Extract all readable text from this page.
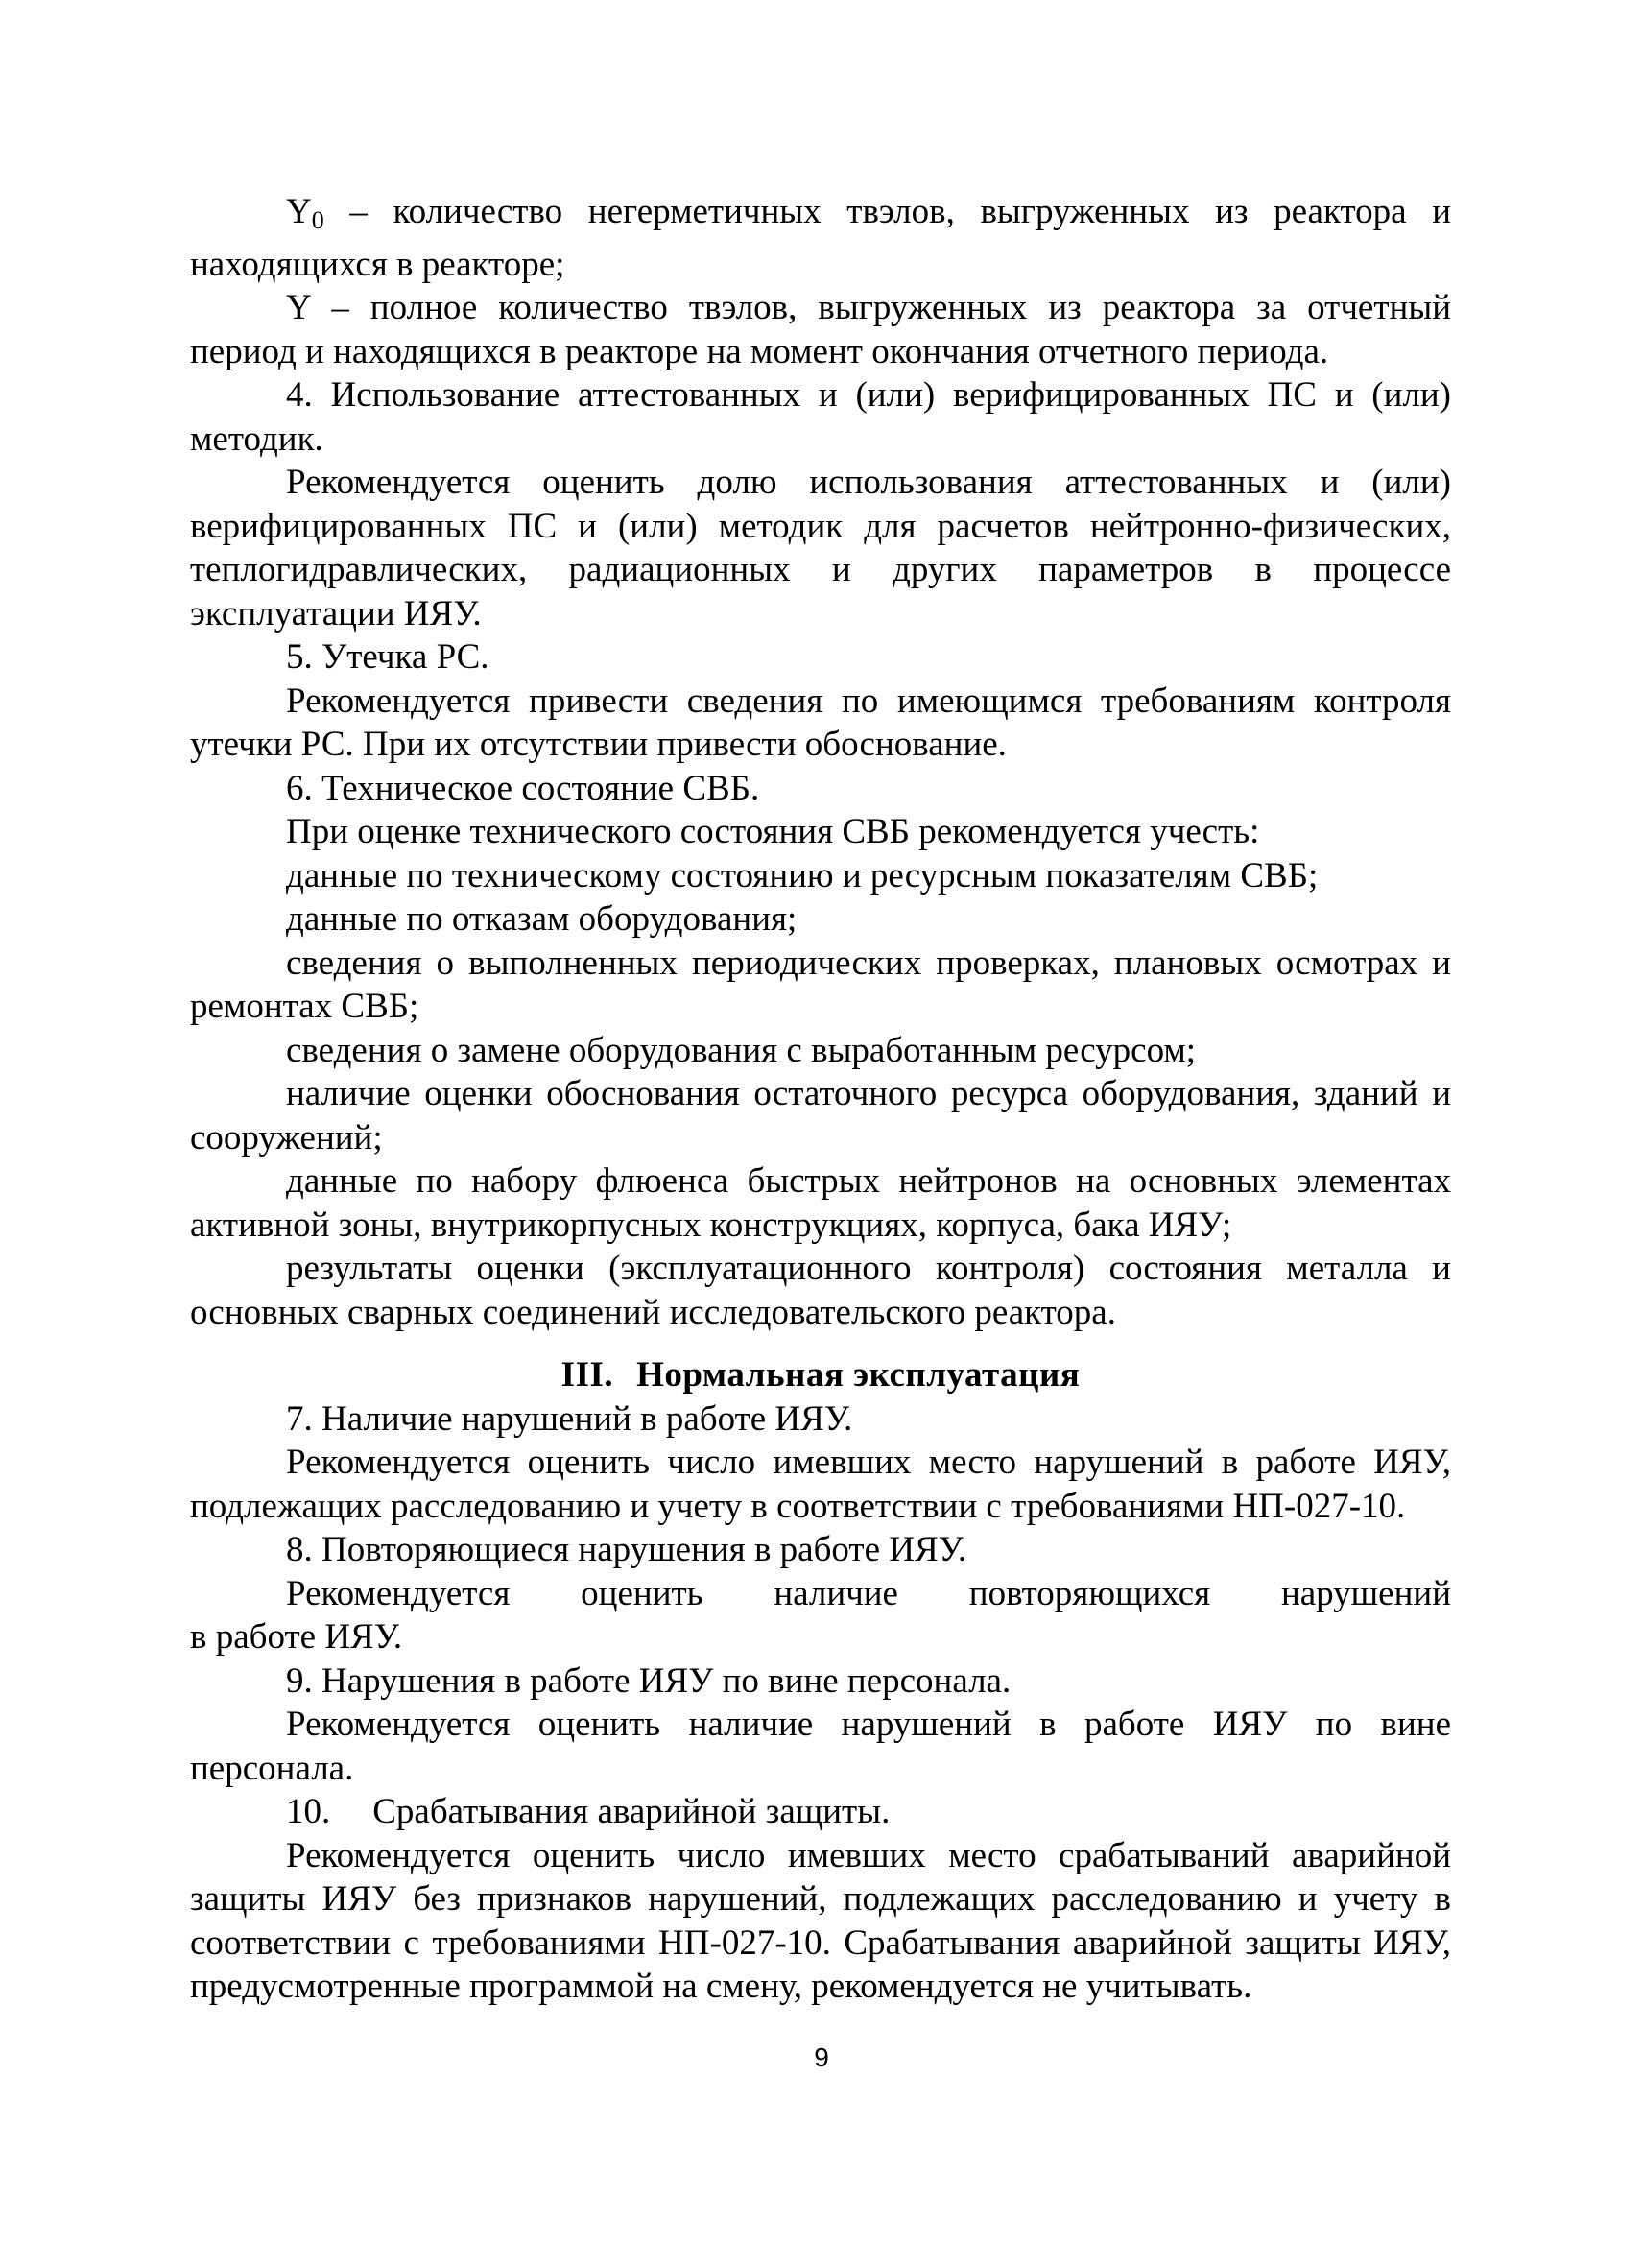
$Y_0$ – количество негерметичных твэлов, выгруженных из реактора и находящихся в реакторе;

Y – полное количество твэлов, выгруженных из реактора за отчетный период и находящихся в реакторе на момент окончания отчетного периода.

4. Использование аттестованных и (или) верифицированных ПС и (или) методик.

Рекомендуется оценить долю использования аттестованных и (или) верифицированных ПС и (или) методик для расчетов нейтронно-физических, теплогидравлических, радиационных и других параметров в процессе эксплуатации ИЯУ.

5. Утечка РС.

Рекомендуется привести сведения по имеющимся требованиям контроля утечки РС. При их отсутствии привести обоснование.

6. Техническое состояние СВБ.

При оценке технического состояния СВБ рекомендуется учесть:

данные по техническому состоянию и ресурсным показателям СВБ;

данные по отказам оборудования;

сведения о выполненных периодических проверках, плановых осмотрах и ремонтах СВБ;

сведения о замене оборудования с выработанным ресурсом;

наличие оценки обоснования остаточного ресурса оборудования, зданий и сооружений;

данные по набору флюенса быстрых нейтронов на основных элементах активной зоны, внутрикорпусных конструкциях, корпуса, бака ИЯУ;

результаты оценки (эксплуатационного контроля) состояния металла и основных сварных соединений исследовательского реактора.

III. Нормальная эксплуатация

7. Наличие нарушений в работе ИЯУ.

Рекомендуется оценить число имевших место нарушений в работе ИЯУ, подлежащих расследованию и учету в соответствии с требованиями НП-027-10.

8. Повторяющиеся нарушения в работе ИЯУ.

Рекомендуется оценить наличие повторяющихся нарушений

в работе ИЯУ.

9. Нарушения в работе ИЯУ по вине персонала.

Рекомендуется оценить наличие нарушений в работе ИЯУ по вине персонала.

10. Срабатывания аварийной защиты.

Рекомендуется оценить число имевших место срабатываний аварийной защиты ИЯУ без признаков нарушений, подлежащих расследованию и учету в соответствии с требованиями НП-027-10. Срабатывания аварийной защиты ИЯУ, предусмотренные программой на смену, рекомендуется не учитывать.

9
